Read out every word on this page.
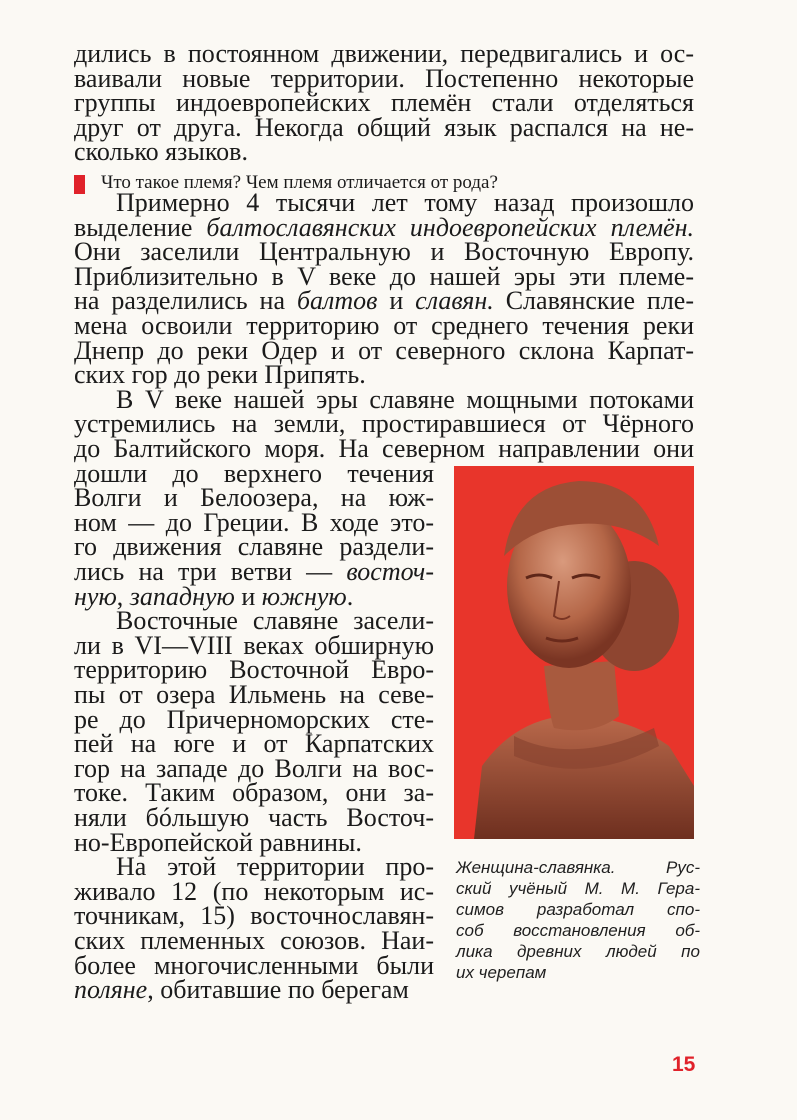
дились в постоянном движении, передвигались и ос-
ваивали новые территории. Постепенно некоторые
группы индоевропейских племён стали отделяться
друг от друга. Некогда общий язык распался на не-
сколько языков.
Что такое племя? Чем племя отличается от рода?
Примерно 4 тысячи лет тому назад произошло
выделение балтославянских индоевропейских племён.
Они заселили Центральную и Восточную Европу.
Приблизительно в V веке до нашей эры эти племе-
на разделились на балтов и славян. Славянские пле-
мена освоили территорию от среднего течения реки
Днепр до реки Одер и от северного склона Карпат-
ских гор до реки Припять.
В V веке нашей эры славяне мощными потоками
устремились на земли, простиравшиеся от Чёрного
до Балтийского моря. На северном направлении они
дошли до верхнего течения
Волги и Белоозера, на юж-
ном — до Греции. В ходе это-
го движения славяне раздели-
лись на три ветви — восточ-
ную, западную и южную.
Восточные славяне засели-
ли в VI—VIII веках обширную
территорию Восточной Евро-
пы от озера Ильмень на севе-
ре до Причерноморских сте-
пей на юге и от Карпатских
гор на западе до Волги на вос-
токе. Таким образом, они за-
няли бóльшую часть Восточ-
но-Европейской равнины.
На этой территории про-
живало 12 (по некоторым ис-
точникам, 15) восточнославян-
ских племенных союзов. Наи-
более многочисленными были
Женщина-славянка. Рус-
ский учёный М. М. Гера-
симов разработал спо-
соб восстановления об-
лика древних людей по
их черепам
15
поляне, обитавшие по берегам
